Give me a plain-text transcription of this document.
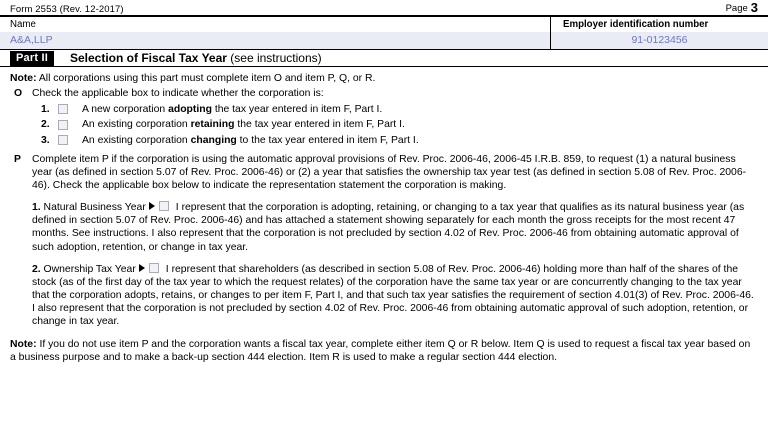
Form 2553 (Rev. 12-2017)	Page 3
Name
A&A,LLP
Employer identification number
91-0123456
Part II	Selection of Fiscal Tax Year (see instructions)
Note: All corporations using this part must complete item O and item P, Q, or R.
O Check the applicable box to indicate whether the corporation is:
1.	A new corporation adopting the tax year entered in item F, Part I.
2.	An existing corporation retaining the tax year entered in item F, Part I.
3.	An existing corporation changing to the tax year entered in item F, Part I.
P	Complete item P if the corporation is using the automatic approval provisions of Rev. Proc. 2006-46, 2006-45 I.R.B. 859, to request (1) a natural business year (as defined in section 5.07 of Rev. Proc. 2006-46) or (2) a year that satisfies the ownership tax year test (as defined in section 5.08 of Rev. Proc. 2006-46). Check the applicable box below to indicate the representation statement the corporation is making.
1. Natural Business Year	I represent that the corporation is adopting, retaining, or changing to a tax year that qualifies as its natural business year (as defined in section 5.07 of Rev. Proc. 2006-46) and has attached a statement showing separately for each month the gross receipts for the most recent 47 months. See instructions. I also represent that the corporation is not precluded by section 4.02 of Rev. Proc. 2006-46 from obtaining automatic approval of such adoption, retention, or change in tax year.
2. Ownership Tax Year	I represent that shareholders (as described in section 5.08 of Rev. Proc. 2006-46) holding more than half of the shares of the stock (as of the first day of the tax year to which the request relates) of the corporation have the same tax year or are concurrently changing to the tax year that the corporation adopts, retains, or changes to per item F, Part I, and that such tax year satisfies the requirement of section 4.01(3) of Rev. Proc. 2006-46. I also represent that the corporation is not precluded by section 4.02 of Rev. Proc. 2006-46 from obtaining automatic approval of such adoption, retention, or change in tax year.
Note: If you do not use item P and the corporation wants a fiscal tax year, complete either item Q or R below. Item Q is used to request a fiscal tax year based on a business purpose and to make a back-up section 444 election. Item R is used to make a regular section 444 election.
